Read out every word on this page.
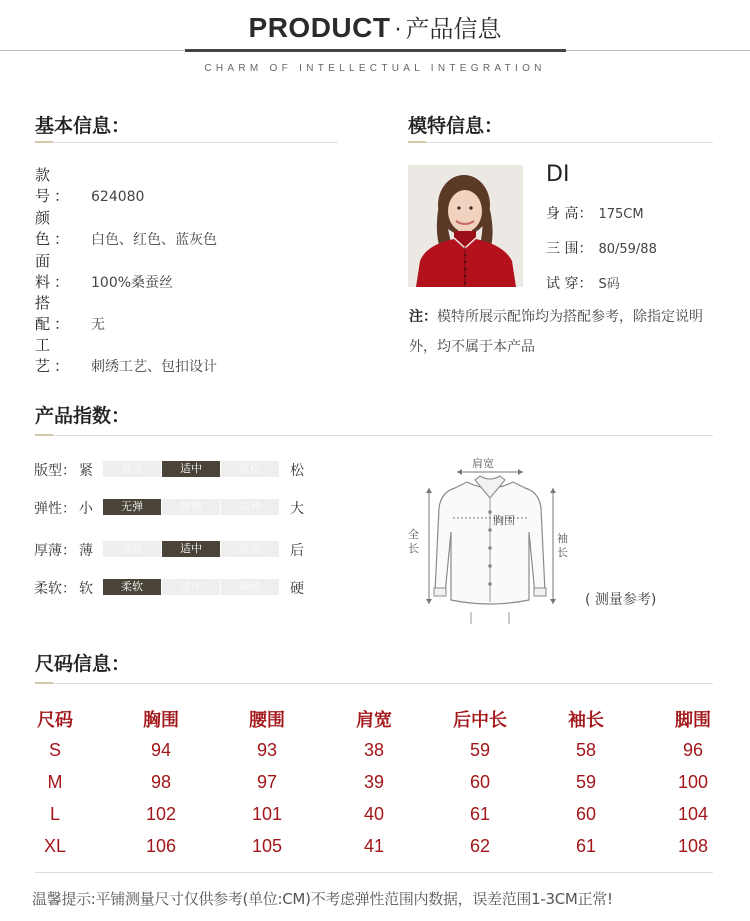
PRODUCT · 产品信息
CHARM OF INTELLECTUAL INTEGRATION
基本信息：
款 号： 624080
颜 色： 白色、红色、蓝灰色
面 料： 100%桑蚕丝
搭 配： 无
工 艺： 刺绣工艺、包扣设计
模特信息：
DI
身 高： 175CM
三 围： 80/59/88
试 穿： S码
注：模特所展示配饰均为搭配参考，除指定说明外，均不属于本产品
产品指数：
版型： 紧	修身	适中	宽松	松
弹性： 小	无弹	微弹	高弹	大
厚薄： 薄	薄款	适中	厚款	后
柔软： 软	柔软	适中	偏硬	硬
肩宽
胸围
全长
袖长
( 测量参考)
尺码信息：
尺码	胸围	腰围	肩宽	后中长	袖长	脚围
S	94	93	38	59	58	96
M	98	97	39	60	59	100
L	102	101	40	61	60	104
XL	106	105	41	62	61	108
温馨提示:平铺测量尺寸仅供参考(单位:CM)不考虑弹性范围内数据，误差范围1-3CM正常!
